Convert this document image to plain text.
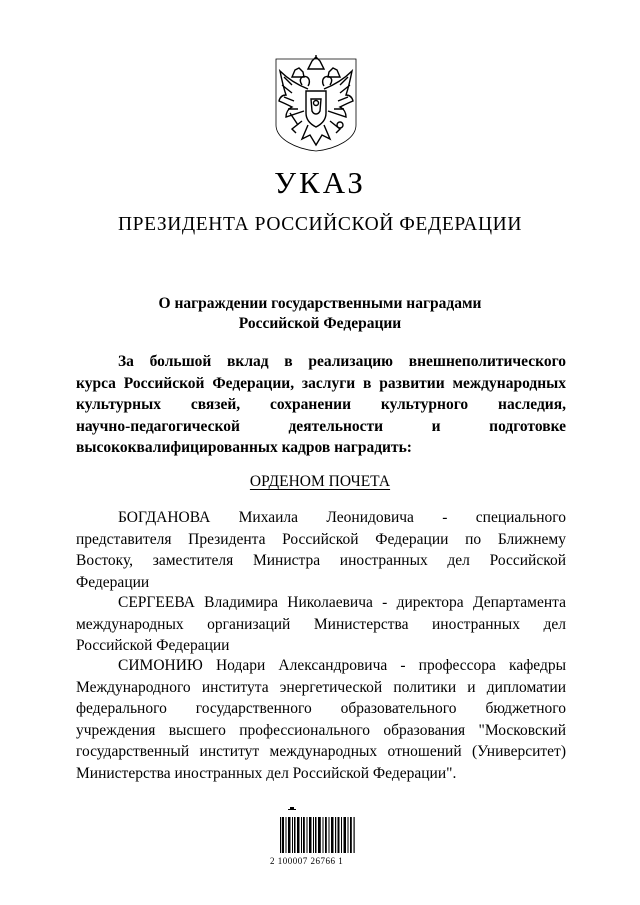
УКАЗ
ПРЕЗИДЕНТА РОССИЙСКОЙ ФЕДЕРАЦИИ
О награждении государственными наградами
Российской Федерации
За большой вклад в реализацию внешнеполитического
курса Российской Федерации, заслуги в развитии международных
культурных связей, сохранении культурного наследия,
научно-педагогической деятельности и подготовке
высококвалифицированных кадров наградить:
ОРДЕНОМ ПОЧЕТА
БОГДАНОВА Михаила Леонидовича - специального
представителя Президента Российской Федерации по Ближнему
Востоку, заместителя Министра иностранных дел Российской
Федерации
СЕРГЕЕВА Владимира Николаевича - директора Департамента
международных организаций Министерства иностранных дел
Российской Федерации
СИМОНИЮ Нодари Александровича - профессора кафедры
Международного института энергетической политики и дипломатии
федерального государственного образовательного бюджетного
учреждения высшего профессионального образования "Московский
государственный институт международных отношений (Университет)
Министерства иностранных дел Российской Федерации".
2 100007 26766 1
